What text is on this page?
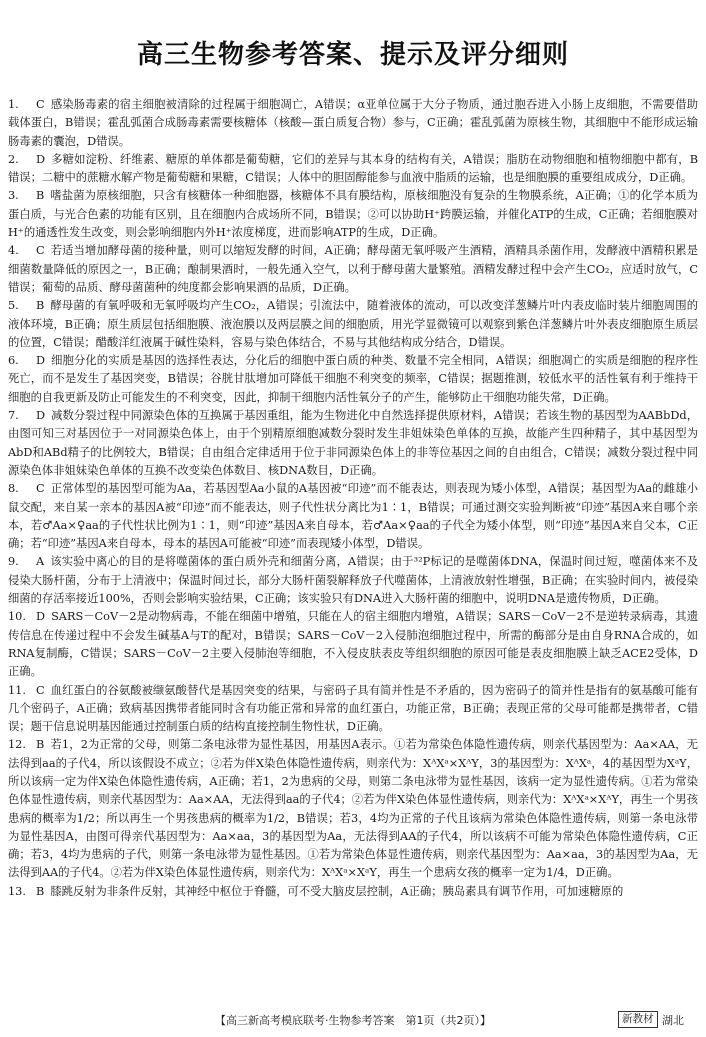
高三生物参考答案、提示及评分细则

1. C 感染肠毒素的宿主细胞被清除的过程属于细胞凋亡，A错误；α亚单位属于大分子物质，通过胞吞进入小肠上皮细胞，不需要借助载体蛋白，B错误；霍乱弧菌合成肠毒素需要核糖体（核酸—蛋白质复合物）参与，C正确；霍乱弧菌为原核生物，其细胞中不能形成运输肠毒素的囊泡，D错误。

2. D 多糖如淀粉、纤维素、糖原的单体都是葡萄糖，它们的差异与其本身的结构有关，A错误；脂肪在动物细胞和植物细胞中都有，B错误；二糖中的蔗糖水解产物是葡萄糖和果糖，C错误；人体中的胆固醇能参与血液中脂质的运输，也是细胞膜的重要组成成分，D正确。

3. B 嗜盐菌为原核细胞，只含有核糖体一种细胞器，核糖体不具有膜结构，原核细胞没有复杂的生物膜系统，A正确；①的化学本质为蛋白质，与光合色素的功能有区别，且在细胞内合成场所不同，B错误；②可以协助H⁺跨膜运输，并催化ATP的生成，C正确；若细胞膜对H⁺的通透性发生改变，则会影响细胞内外H⁺浓度梯度，进而影响ATP的生成，D正确。

4. C 若适当增加酵母菌的接种量，则可以缩短发酵的时间，A正确；酵母菌无氧呼吸产生酒精，酒精具杀菌作用，发酵液中酒精积累是细菌数量降低的原因之一，B正确；酿制果酒时，一般先通入空气，以利于酵母菌大量繁殖。酒精发酵过程中会产生CO₂，应适时放气，C错误；葡萄的品质、酵母菌菌种的纯度都会影响果酒的品质，D正确。

5. B 酵母菌的有氧呼吸和无氧呼吸均产生CO₂，A错误；引流法中，随着液体的流动，可以改变洋葱鳞片叶内表皮临时装片细胞周围的液体环境，B正确；原生质层包括细胞膜、液泡膜以及两层膜之间的细胞质，用光学显微镜可以观察到紫色洋葱鳞片叶外表皮细胞原生质层的位置，C错误；醋酸洋红液属于碱性染料，容易与染色体结合，不易与其他结构成分结合，D错误。

6. D 细胞分化的实质是基因的选择性表达，分化后的细胞中蛋白质的种类、数量不完全相同，A错误；细胞凋亡的实质是细胞的程序性死亡，而不是发生了基因突变，B错误；谷胱甘肽增加可降低干细胞不利突变的频率，C错误；据题推测，较低水平的活性氧有利于维持干细胞的自我更新及防止可能发生的不利突变，因此，抑制干细胞内活性氧分子的产生，能够防止干细胞功能失常，D正确。

7. D 减数分裂过程中同源染色体的互换属于基因重组，能为生物进化中自然选择提供原材料，A错误；若该生物的基因型为AABbDd，由图可知三对基因位于一对同源染色体上，由于个别精原细胞减数分裂时发生非姐妹染色单体的互换，故能产生四种精子，其中基因型为AbD和ABd精子的比例较大，B错误；自由组合定律适用于位于非同源染色体上的非等位基因之间的自由组合，C错误；减数分裂过程中同源染色体非姐妹染色单体的互换不改变染色体数目、核DNA数目，D正确。

8. C 正常体型的基因型可能为Aa，若基因型Aa小鼠的A基因被“印迹”而不能表达，则表现为矮小体型，A错误；基因型为Aa的雌雄小鼠交配，来自某一亲本的基因A被“印迹”而不能表达，则子代性状分离比为1∶1，B错误；可通过测交实验判断被“印迹”基因A来自哪个亲本，若♂Aa×♀aa的子代性状比例为1∶1，则“印迹”基因A来自母本，若♂Aa×♀aa的子代全为矮小体型，则“印迹”基因A来自父本，C正确；若“印迹”基因A来自母本，母本的基因A可能被“印迹”而表现矮小体型，D错误。

9. A 该实验中离心的目的是将噬菌体的蛋白质外壳和细菌分离，A错误；由于³²P标记的是噬菌体DNA，保温时间过短，噬菌体来不及侵染大肠杆菌，分布于上清液中；保温时间过长，部分大肠杆菌裂解释放子代噬菌体，上清液放射性增强，B正确；在实验时间内，被侵染细菌的存活率接近100%，否则会影响实验结果，C正确；该实验只有DNA进入大肠杆菌的细胞中，说明DNA是遗传物质，D正确。

10. D SARS－CoV－2是动物病毒，不能在细菌中增殖，只能在人的宿主细胞内增殖，A错误；SARS－CoV－2不是逆转录病毒，其遗传信息在传递过程中不会发生碱基A与T的配对，B错误；SARS－CoV－2入侵肺泡细胞过程中，所需的酶部分是由自身RNA合成的，如RNA复制酶，C错误；SARS－CoV－2主要入侵肺泡等细胞，不入侵皮肤表皮等组织细胞的原因可能是表皮细胞膜上缺乏ACE2受体，D正确。

11. C 血红蛋白的谷氨酸被缬氨酸替代是基因突变的结果，与密码子具有简并性是不矛盾的，因为密码子的简并性是指有的氨基酸可能有几个密码子，A正确；致病基因携带者能同时含有功能正常和异常的血红蛋白，功能正常，B正确；表现正常的父母可能都是携带者，C错误；题干信息说明基因能通过控制蛋白质的结构直接控制生物性状，D正确。

12. B 若1，2为正常的父母，则第二条电泳带为显性基因，用基因A表示。①若为常染色体隐性遗传病，则亲代基因型为：Aa×AA，无法得到aa的子代4，所以该假设不成立；②若为伴X染色体隐性遗传病，则亲代为：XᴬXᵃ×XᴬY，3的基因型为：XᴬXᵃ，4的基因型为XᵃY，所以该病一定为伴X染色体隐性遗传病，A正确；若1，2为患病的父母，则第二条电泳带为显性基因，该病一定为显性遗传病。①若为常染色体显性遗传病，则亲代基因型为：Aa×AA，无法得到aa的子代4；②若为伴X染色体显性遗传病，则亲代为：XᴬXᵃ×XᴬY，再生一个男孩患病的概率为1/2；所以再生一个男孩患病的概率为1/2，B错误；若3，4均为正常的子代且该病为常染色体隐性遗传病，则第一条电泳带为显性基因A，由图可得亲代基因型为：Aa×aa，3的基因型为Aa，无法得到AA的子代4，所以该病不可能为常染色体隐性遗传病，C正确；若3，4均为患病的子代，则第一条电泳带为显性基因。①若为常染色体显性遗传病，则亲代基因型为：Aa×aa，3的基因型为Aa，无法得到AA的子代4。②若为伴X染色体显性遗传病，则亲代为：XᴬXᵃ×XᵃY，再生一个患病女孩的概率一定为1/4，D正确。

13. B 膝跳反射为非条件反射，其神经中枢位于脊髓，可不受大脑皮层控制，A正确；胰岛素具有调节作用，可加速糖原的

【高三新高考模底联考·生物参考答案　第1页（共2页）】	新教材 湖北
